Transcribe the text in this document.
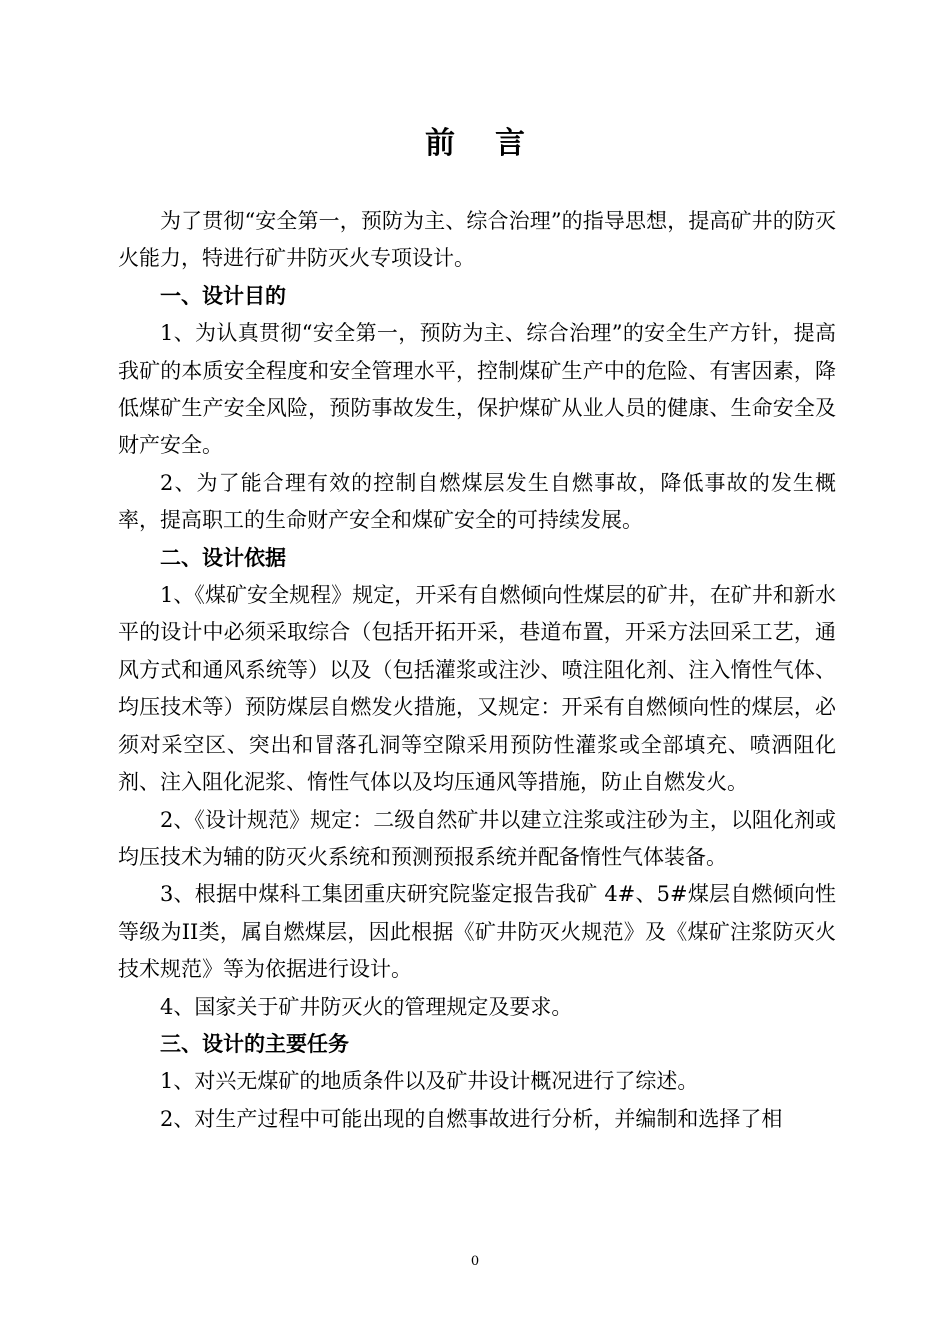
前言

为了贯彻“安全第一，预防为主、综合治理”的指导思想，提高矿井的防灭火能力，特进行矿井防灭火专项设计。

一、设计目的

1、为认真贯彻“安全第一，预防为主、综合治理”的安全生产方针，提高我矿的本质安全程度和安全管理水平，控制煤矿生产中的危险、有害因素，降低煤矿生产安全风险，预防事故发生，保护煤矿从业人员的健康、生命安全及财产安全。

2、为了能合理有效的控制自燃煤层发生自燃事故，降低事故的发生概率，提高职工的生命财产安全和煤矿安全的可持续发展。

二、设计依据

1、《煤矿安全规程》规定，开采有自燃倾向性煤层的矿井，在矿井和新水平的设计中必须采取综合（包括开拓开采，巷道布置，开采方法回采工艺，通风方式和通风系统等）以及（包括灌浆或注沙、喷注阻化剂、注入惰性气体、均压技术等）预防煤层自燃发火措施，又规定：开采有自燃倾向性的煤层，必须对采空区、突出和冒落孔洞等空隙采用预防性灌浆或全部填充、喷洒阻化剂、注入阻化泥浆、惰性气体以及均压通风等措施，防止自燃发火。

2、《设计规范》规定：二级自然矿井以建立注浆或注砂为主，以阻化剂或均压技术为辅的防灭火系统和预测预报系统并配备惰性气体装备。

3、根据中煤科工集团重庆研究院鉴定报告我矿 4#、5#煤层自燃倾向性等级为II类，属自燃煤层，因此根据《矿井防灭火规范》及《煤矿注浆防灭火技术规范》等为依据进行设计。

4、国家关于矿井防灭火的管理规定及要求。

三、设计的主要任务

1、对兴无煤矿的地质条件以及矿井设计概况进行了综述。

2、对生产过程中可能出现的自燃事故进行分析，并编制和选择了相

0
